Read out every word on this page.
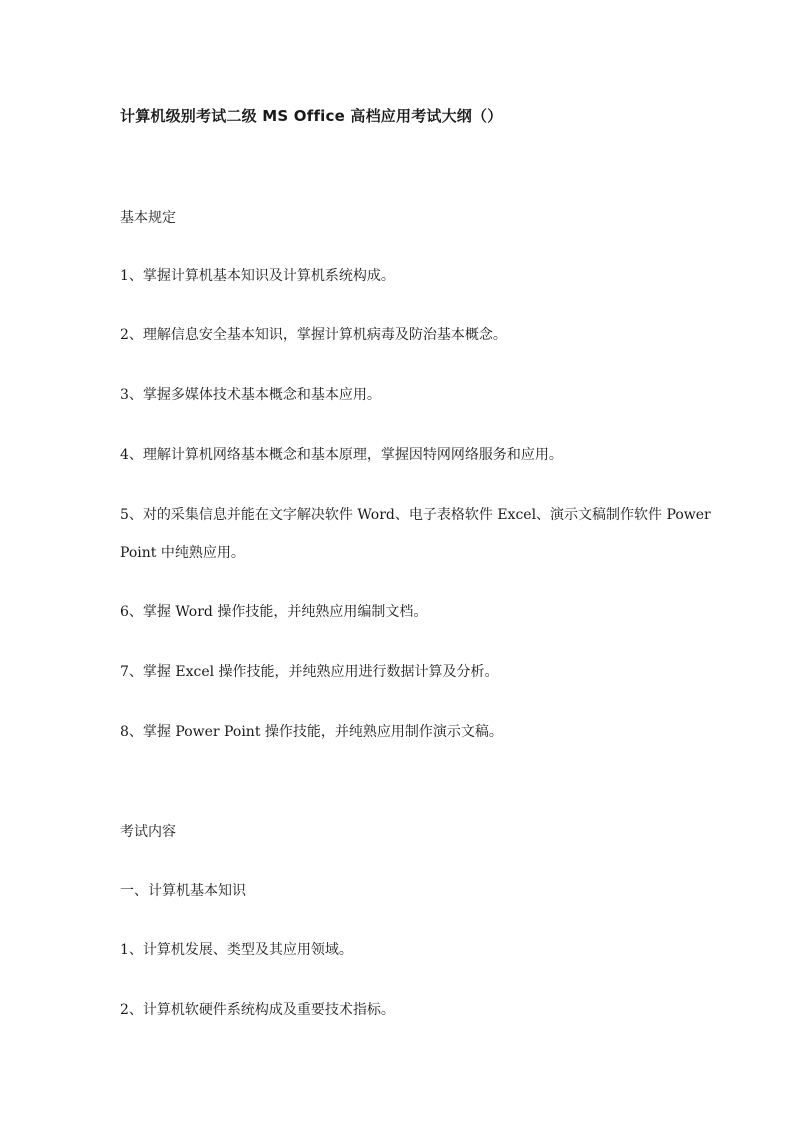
计算机级别考试二级 MS Office 高档应用考试大纲（）
基本规定
1、掌握计算机基本知识及计算机系统构成。
2、理解信息安全基本知识，掌握计算机病毒及防治基本概念。
3、掌握多媒体技术基本概念和基本应用。
4、理解计算机网络基本概念和基本原理，掌握因特网网络服务和应用。
5、对的采集信息并能在文字解决软件 Word、电子表格软件 Excel、演示文稿制作软件 Power
Point 中纯熟应用。
6、掌握 Word 操作技能，并纯熟应用编制文档。
7、掌握 Excel 操作技能，并纯熟应用进行数据计算及分析。
8、掌握 Power Point 操作技能，并纯熟应用制作演示文稿。
考试内容
一、计算机基本知识
1、计算机发展、类型及其应用领域。
2、计算机软硬件系统构成及重要技术指标。
